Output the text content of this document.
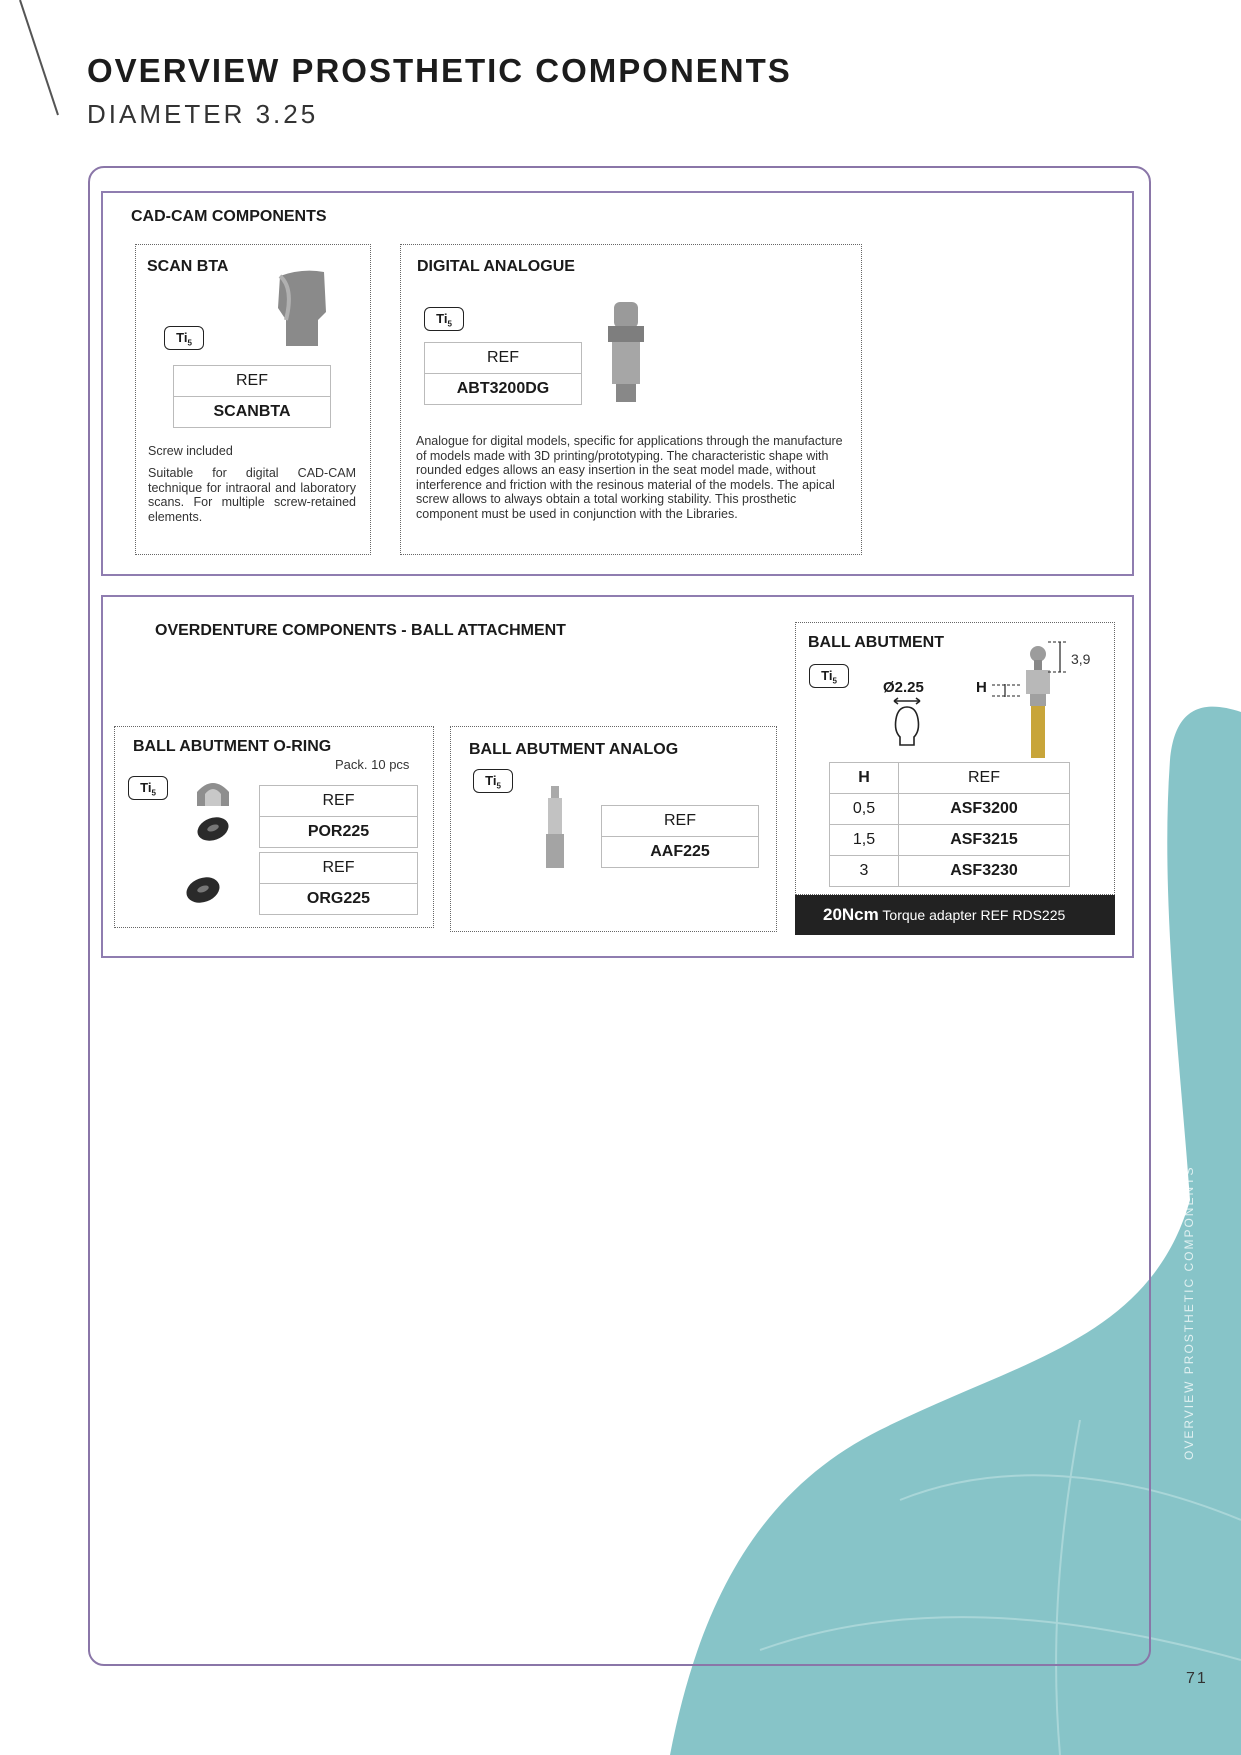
OVERVIEW PROSTHETIC COMPONENTS
DIAMETER 3.25
CAD-CAM COMPONENTS
SCAN BTA
$Ti_5$
REF
SCANBTA
Screw included
Suitable for digital CAD-CAM technique for intraoral and laboratory scans. For multiple screw-retained elements.
DIGITAL ANALOGUE
$Ti_5$
REF
ABT3200DG
Analogue for digital models, specific for applications through the manufacture of models made with 3D printing/prototyping. The characteristic shape with rounded edges allows an easy insertion in the seat model made, without interference and friction with the resinous material of the models. The apical screw allows to always obtain a total working stability. This prosthetic component must be used in conjunction with the Libraries.
OVERDENTURE COMPONENTS - BALL ATTACHMENT
BALL ABUTMENT O-RING
Pack. 10 pcs
$Ti_5$	REF
POR225
REF
ORG225
BALL ABUTMENT ANALOG
$Ti_5$
REF
AAF225
BALL ABUTMENT
$Ti_5$	Ø2.25	H
3,9
H	REF
0,5	ASF3200
1,5	ASF3215
3	ASF3230
20Ncm Torque adapter REF RDS225
OVERVIEW PROSTHETIC COMPONENTS
71
